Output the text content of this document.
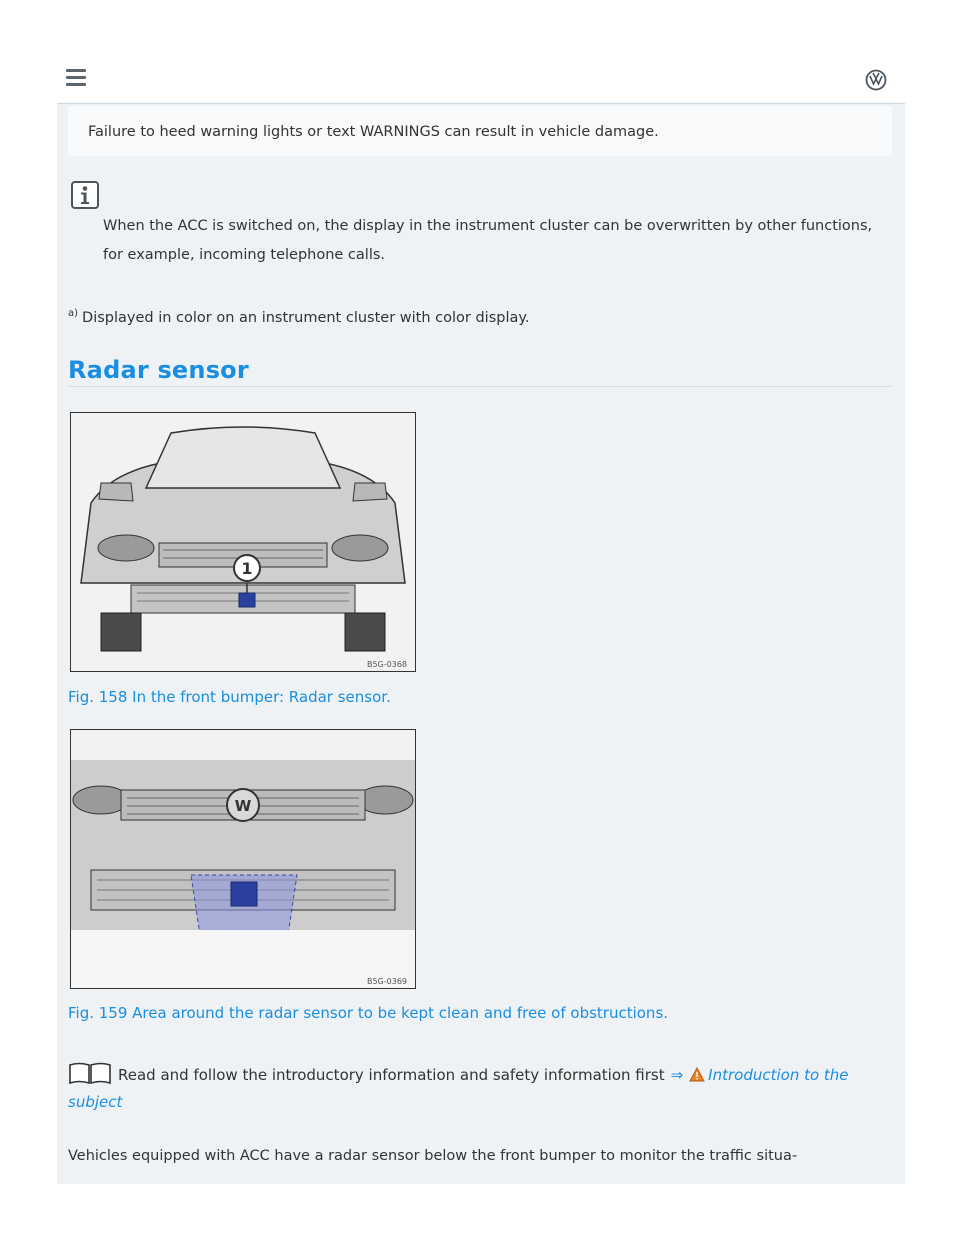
Failure to heed warning lights or text WARNINGS can result in vehicle damage.
When the ACC is switched on, the display in the instrument cluster can be overwritten by other functions, for example, incoming telephone calls.
$^{a)}$ Displayed in color on an instrument cluster with color display.
Radar sensor
1
B5G-0368
Fig. 158 In the front bumper: Radar sensor.
W
B5G-0369
Fig. 159 Area around the radar sensor to be kept clean and free of obstructions.
Read and follow the introductory information and safety information first ⇒ Introduction to the subject
Vehicles equipped with ACC have a radar sensor below the front bumper to monitor the traffic situa-
